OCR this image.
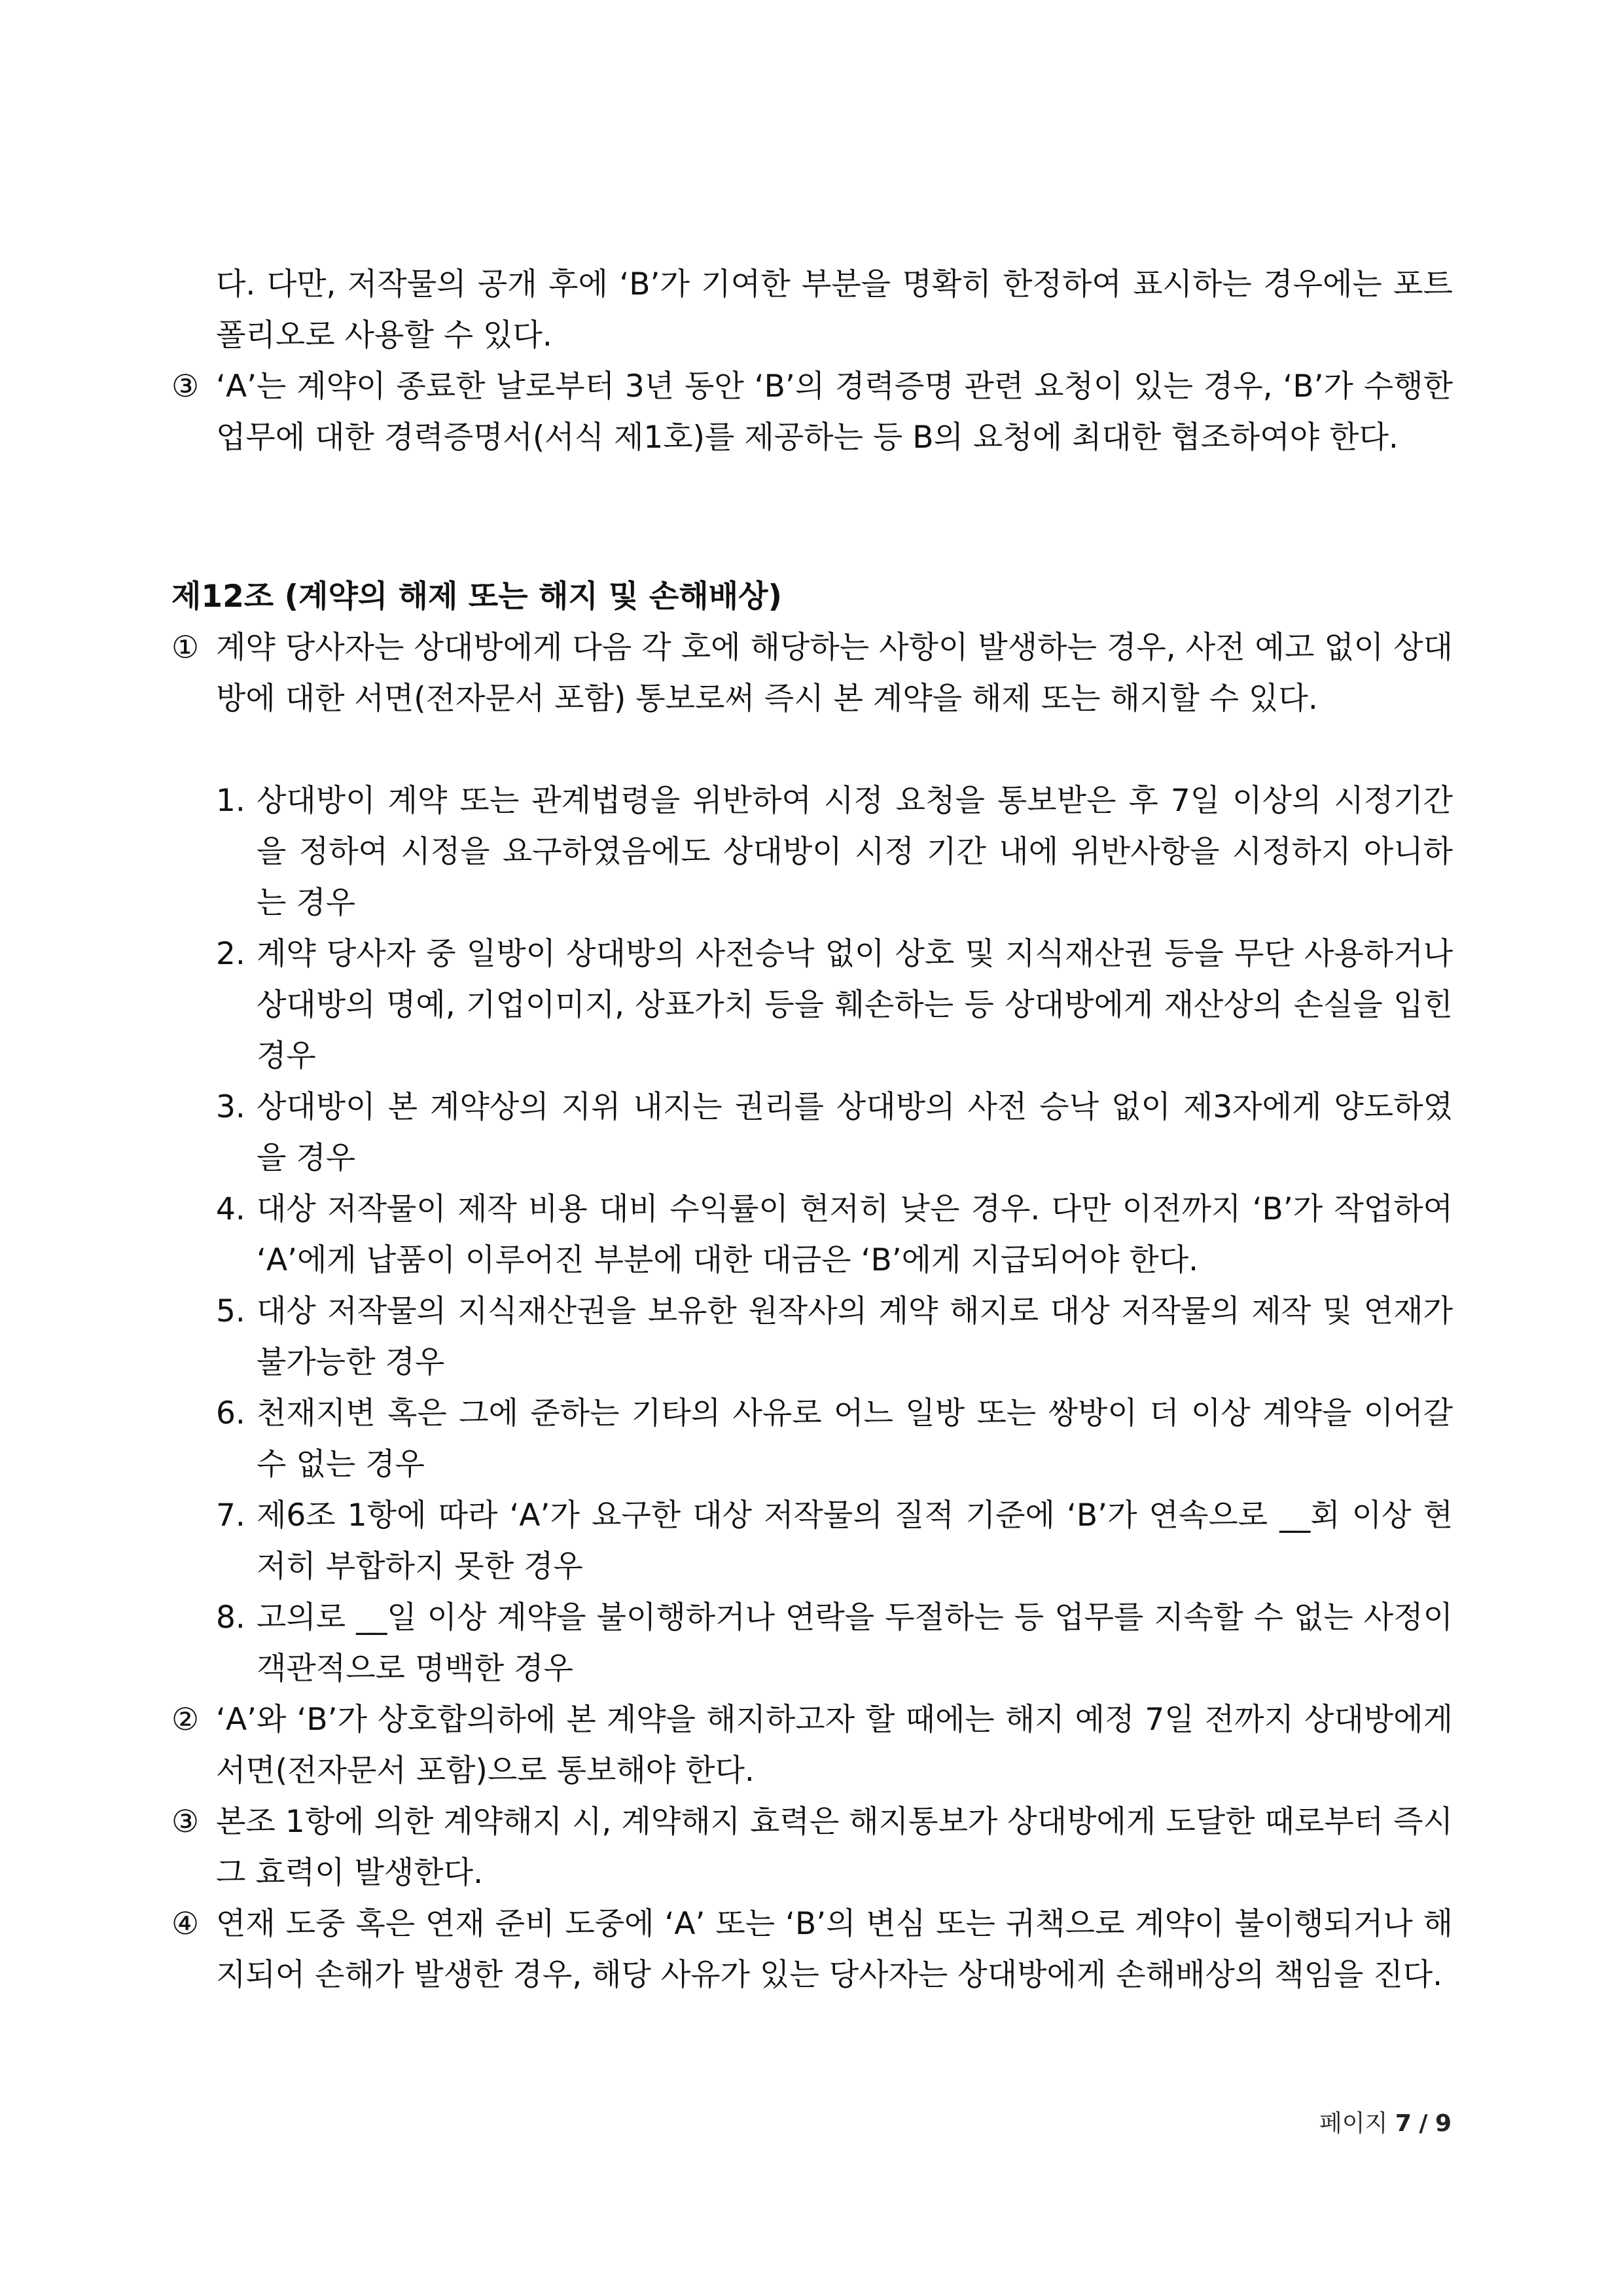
다. 다만, 저작물의 공개 후에 ‘B’가 기여한 부분을 명확히 한정하여 표시하는 경우에는 포트폴리오로 사용할 수 있다.
③ ‘A’는 계약이 종료한 날로부터 3년 동안 ‘B’의 경력증명 관련 요청이 있는 경우, ‘B’가 수행한 업무에 대한 경력증명서(서식 제1호)를 제공하는 등 B의 요청에 최대한 협조하여야 한다.
제12조 (계약의 해제 또는 해지 및 손해배상)
① 계약 당사자는 상대방에게 다음 각 호에 해당하는 사항이 발생하는 경우, 사전 예고 없이 상대방에 대한 서면(전자문서 포함) 통보로써 즉시 본 계약을 해제 또는 해지할 수 있다.
1. 상대방이 계약 또는 관계법령을 위반하여 시정 요청을 통보받은 후 7일 이상의 시정기간을 정하여 시정을 요구하였음에도 상대방이 시정 기간 내에 위반사항을 시정하지 아니하는 경우
2. 계약 당사자 중 일방이 상대방의 사전승낙 없이 상호 및 지식재산권 등을 무단 사용하거나 상대방의 명예, 기업이미지, 상표가치 등을 훼손하는 등 상대방에게 재산상의 손실을 입힌 경우
3. 상대방이 본 계약상의 지위 내지는 권리를 상대방의 사전 승낙 없이 제3자에게 양도하였을 경우
4. 대상 저작물이 제작 비용 대비 수익률이 현저히 낮은 경우. 다만 이전까지 ‘B’가 작업하여 ‘A’에게 납품이 이루어진 부분에 대한 대금은 ‘B’에게 지급되어야 한다.
5. 대상 저작물의 지식재산권을 보유한 원작사의 계약 해지로 대상 저작물의 제작 및 연재가 불가능한 경우
6. 천재지변 혹은 그에 준하는 기타의 사유로 어느 일방 또는 쌍방이 더 이상 계약을 이어갈 수 없는 경우
7. 제6조 1항에 따라 ‘A’가 요구한 대상 저작물의 질적 기준에 ‘B’가 연속으로 __회 이상 현저히 부합하지 못한 경우
8. 고의로 __일 이상 계약을 불이행하거나 연락을 두절하는 등 업무를 지속할 수 없는 사정이 객관적으로 명백한 경우
② ‘A’와 ‘B’가 상호합의하에 본 계약을 해지하고자 할 때에는 해지 예정 7일 전까지 상대방에게 서면(전자문서 포함)으로 통보해야 한다.
③ 본조 1항에 의한 계약해지 시, 계약해지 효력은 해지통보가 상대방에게 도달한 때로부터 즉시 그 효력이 발생한다.
④ 연재 도중 혹은 연재 준비 도중에 ‘A’ 또는 ‘B’의 변심 또는 귀책으로 계약이 불이행되거나 해지되어 손해가 발생한 경우, 해당 사유가 있는 당사자는 상대방에게 손해배상의 책임을 진다.
페이지 7 / 9
